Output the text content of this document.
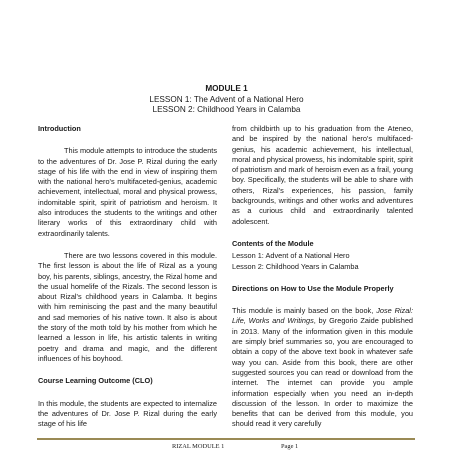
MODULE 1
LESSON 1: The Advent of a National Hero
LESSON 2: Childhood Years in Calamba
Introduction
This module attempts to introduce the students to the adventures of Dr. Jose P. Rizal during the early stage of his life with the end in view of inspiring them with the national hero's multifaceted-genius, academic achievement, intellectual, moral and physical prowess, indomitable spirit, spirit of patriotism and heroism. It also introduces the students to the writings and other literary works of this extraordinary child with extraordinarily talents.
There are two lessons covered in this module. The first lesson is about the life of Rizal as a young boy, his parents, siblings, ancestry, the Rizal home and the usual homelife of the Rizals. The second lesson is about Rizal's childhood years in Calamba. It begins with him reminiscing the past and the many beautiful and sad memories of his native town. It also is about the story of the moth told by his mother from which he learned a lesson in life, his artistic talents in writing poetry and drama and magic, and the different influences of his boyhood.
Course Learning Outcome (CLO)
In this module, the students are expected to internalize the adventures of Dr. Jose P. Rizal during the early stage of his life
from childbirth up to his graduation from the Ateneo, and be inspired by the national hero's multifaced-genius, his academic achievement, his intellectual, moral and physical prowess, his indomitable spirit, spirit of patriotism and mark of heroism even as a frail, young boy. Specifically, the students will be able to share with others, Rizal's experiences, his passion, family backgrounds, writings and other works and adventures as a curious child and extraordinarily talented adolescent.
Contents of the Module
Lesson 1: Advent of a National Hero
Lesson 2: Childhood Years in Calamba
Directions on How to Use the Module Properly
This module is mainly based on the book, Jose Rizal: Life, Works and Writings, by Gregorio Zaide published in 2013. Many of the information given in this module are simply brief summaries so, you are encouraged to obtain a copy of the above text book in whatever safe way you can. Aside from this book, there are other suggested sources you can read or download from the internet. The internet can provide you ample information especially when you need an in-depth discussion of the lesson. In order to maximize the benefits that can be derived from this module, you should read it very carefully
RIZAL MODULE 1	Page 1
